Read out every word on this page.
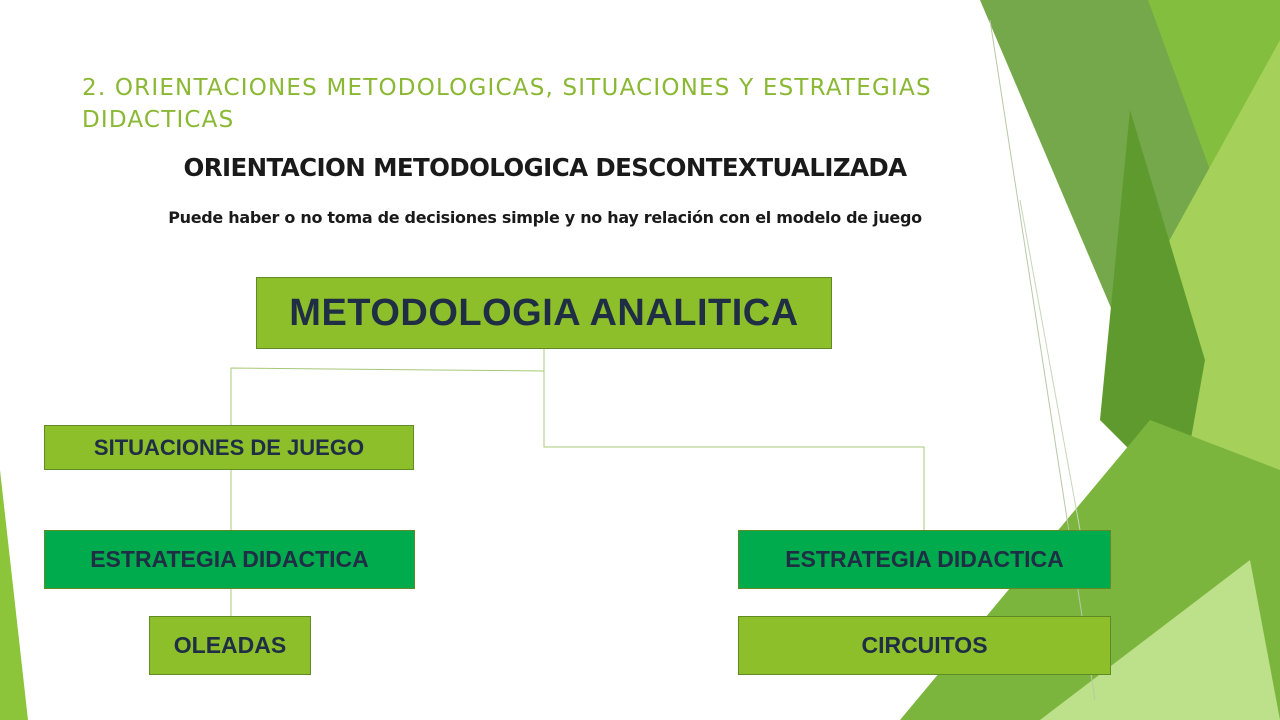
2. ORIENTACIONES METODOLOGICAS, SITUACIONES Y ESTRATEGIAS DIDACTICAS
ORIENTACION METODOLOGICA DESCONTEXTUALIZADA

Puede haber o no toma de decisiones simple y no hay relación con el modelo de juego

METODOLOGIA ANALITICA
SITUACIONES DE JUEGO
ESTRATEGIA DIDACTICA
OLEADAS
ESTRATEGIA DIDACTICA
CIRCUITOS
